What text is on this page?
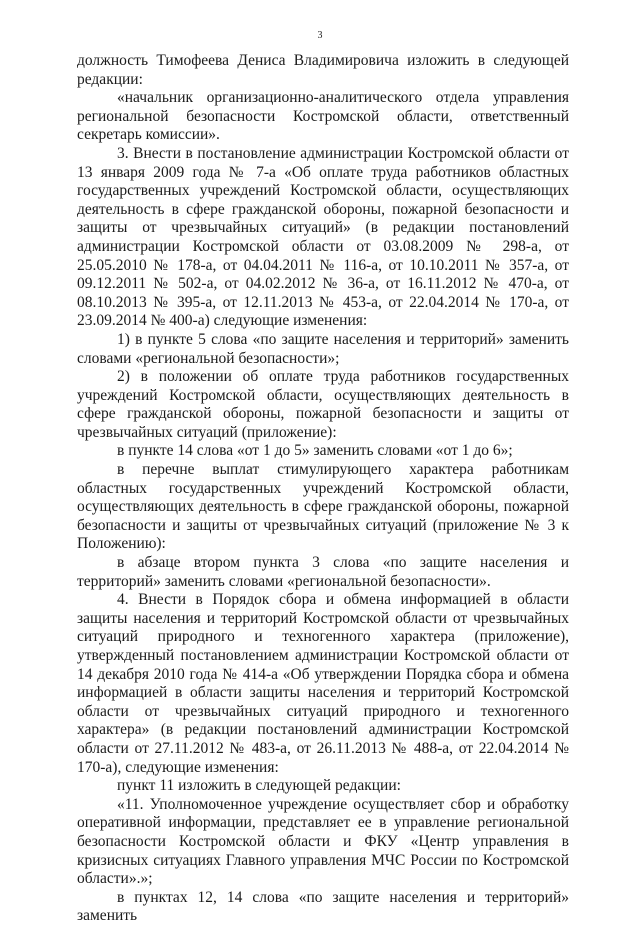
3

должность Тимофеева Дениса Владимировича изложить в следующей редакции:

«начальник организационно-аналитического отдела управления региональной безопасности Костромской области, ответственный секретарь комиссии».

3. Внести в постановление администрации Костромской области от 13 января 2009 года № 7-а «Об оплате труда работников областных государственных учреждений Костромской области, осуществляющих деятельность в сфере гражданской обороны, пожарной безопасности и защиты от чрезвычайных ситуаций» (в редакции постановлений администрации Костромской области от 03.08.2009 № 298-а, от 25.05.2010 № 178-а, от 04.04.2011 № 116-а, от 10.10.2011 № 357-а, от 09.12.2011 № 502-а, от 04.02.2012 № 36-а, от 16.11.2012 № 470-а, от 08.10.2013 № 395-а, от 12.11.2013 № 453-а, от 22.04.2014 № 170-а, от 23.09.2014 № 400-а) следующие изменения:

1) в пункте 5 слова «по защите населения и территорий» заменить словами «региональной безопасности»;

2) в положении об оплате труда работников государственных учреждений Костромской области, осуществляющих деятельность в сфере гражданской обороны, пожарной безопасности и защиты от чрезвычайных ситуаций (приложение):

в пункте 14 слова «от 1 до 5» заменить словами «от 1 до 6»;

в перечне выплат стимулирующего характера работникам областных государственных учреждений Костромской области, осуществляющих деятельность в сфере гражданской обороны, пожарной безопасности и защиты от чрезвычайных ситуаций (приложение № 3 к Положению):

в абзаце втором пункта 3 слова «по защите населения и территорий» заменить словами «региональной безопасности».

4. Внести в Порядок сбора и обмена информацией в области защиты населения и территорий Костромской области от чрезвычайных ситуаций природного и техногенного характера (приложение), утвержденный постановлением администрации Костромской области от 14 декабря 2010 года № 414-а «Об утверждении Порядка сбора и обмена информацией в области защиты населения и территорий Костромской области от чрезвычайных ситуаций природного и техногенного характера» (в редакции постановлений администрации Костромской области от 27.11.2012 № 483-а, от 26.11.2013 № 488-а, от 22.04.2014 № 170-а), следующие изменения:

пункт 11 изложить в следующей редакции:

«11. Уполномоченное учреждение осуществляет сбор и обработку оперативной информации, представляет ее в управление региональной безопасности Костромской области и ФКУ «Центр управления в кризисных ситуациях Главного управления МЧС России по Костромской области».»;

в пунктах 12, 14 слова «по защите населения и территорий» заменить
